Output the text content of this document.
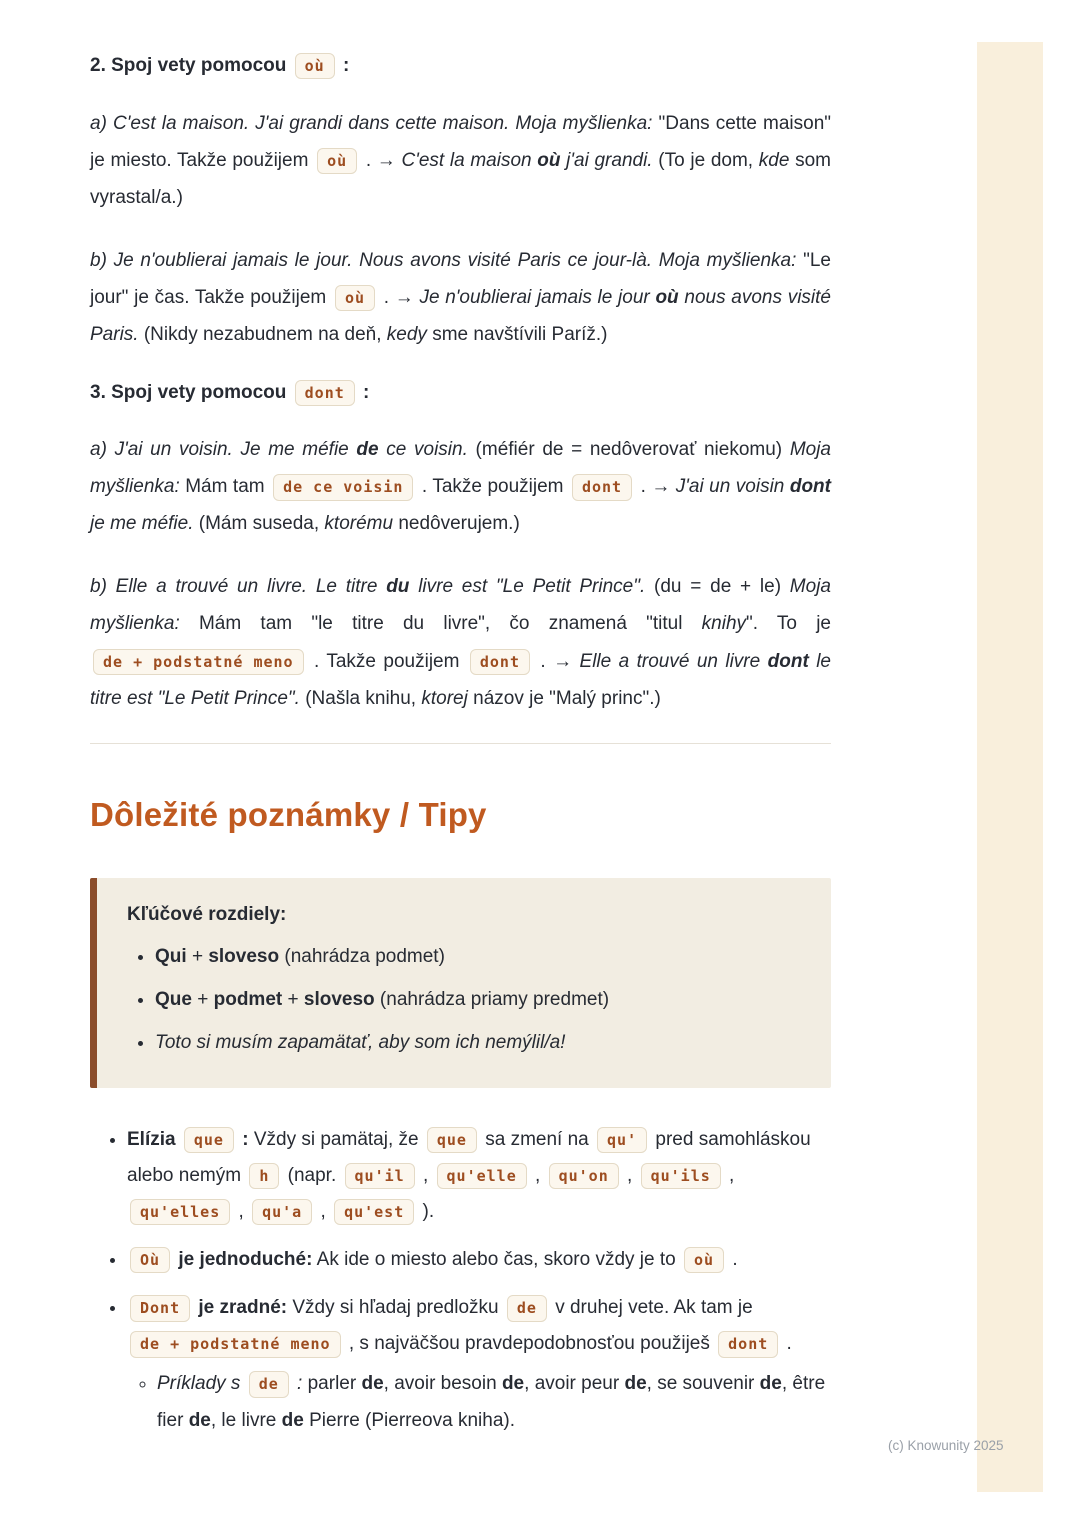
2. Spoj vety pomocou où :

a) C'est la maison. J'ai grandi dans cette maison. Moja myšlienka: "Dans cette maison" je miesto. Takže použijem où . → C'est la maison où j'ai grandi. (To je dom, kde som vyrastal/a.)

b) Je n'oublierai jamais le jour. Nous avons visité Paris ce jour-là. Moja myšlienka: "Le jour" je čas. Takže použijem où . → Je n'oublierai jamais le jour où nous avons visité Paris. (Nikdy nezabudnem na deň, kedy sme navštívili Paríž.)

3. Spoj vety pomocou dont :

a) J'ai un voisin. Je me méfie de ce voisin. (méfiér de = nedôverovať niekomu) Moja myšlienka: Mám tam de ce voisin . Takže použijem dont . → J'ai un voisin dont je me méfie. (Mám suseda, ktorému nedôverujem.)

b) Elle a trouvé un livre. Le titre du livre est "Le Petit Prince". (du = de + le) Moja myšlienka: Mám tam "le titre du livre", čo znamená "titul knihy". To je de + podstatné meno . Takže použijem dont . → Elle a trouvé un livre dont le titre est "Le Petit Prince". (Našla knihu, ktorej názov je "Malý princ".)

Dôležité poznámky / Tipy

Kľúčové rozdiely:

• Qui + sloveso (nahrádza podmet)
• Que + podmet + sloveso (nahrádza priamy predmet)
• Toto si musím zapamätať, aby som ich nemýlil/a!
• Elízia que : Vždy si pamätaj, že que sa zmení na qu' pred samohláskou alebo nemým h (napr. qu'il , qu'elle , qu'on , qu'ils , qu'elles , qu'a , qu'est ).
• Où je jednoduché: Ak ide o miesto alebo čas, skoro vždy je to où .
• Dont je zradné: Vždy si hľadaj predložku de v druhej vete. Ak tam je de + podstatné meno , s najväčšou pravdepodobnosťou použiješ dont .
◦ Príklady s de : parler de, avoir besoin de, avoir peur de, se souvenir de, être fier de, le livre de Pierre (Pierreova kniha).
(c) Knowunity 2025
